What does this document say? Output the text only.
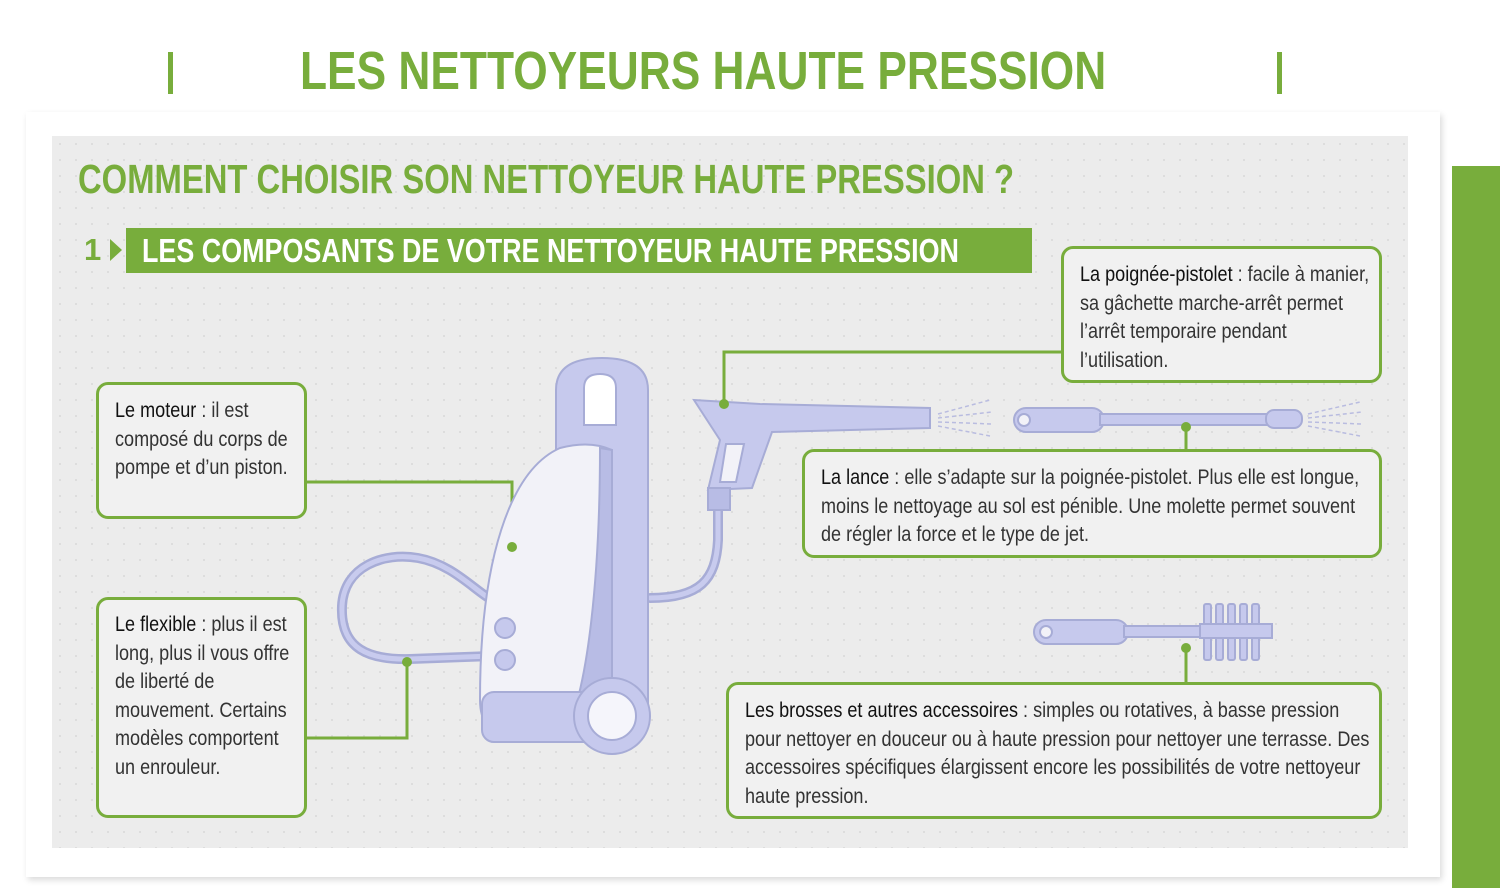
LES NETTOYEURS HAUTE PRESSION
COMMENT CHOISIR SON NETTOYEUR HAUTE PRESSION ?
1 LES COMPOSANTS DE VOTRE NETTOYEUR HAUTE PRESSION
Le moteur : il est composé du corps de pompe et d’un piston.
Le flexible : plus il est long, plus il vous offre de liberté de mouvement. Certains modèles comportent un enrouleur.
La poignée-pistolet : facile à manier, sa gâchette marche-arrêt permet l’arrêt temporaire pendant l’utilisation.
La lance : elle s’adapte sur la poignée-pistolet. Plus elle est longue, moins le nettoyage au sol est pénible. Une molette permet souvent de régler la force et le type de jet.
Les brosses et autres accessoires : simples ou rotatives, à basse pression pour nettoyer en douceur ou à haute pression pour nettoyer une terrasse. Des accessoires spécifiques élargissent encore les possibilités de votre nettoyeur haute pression.
